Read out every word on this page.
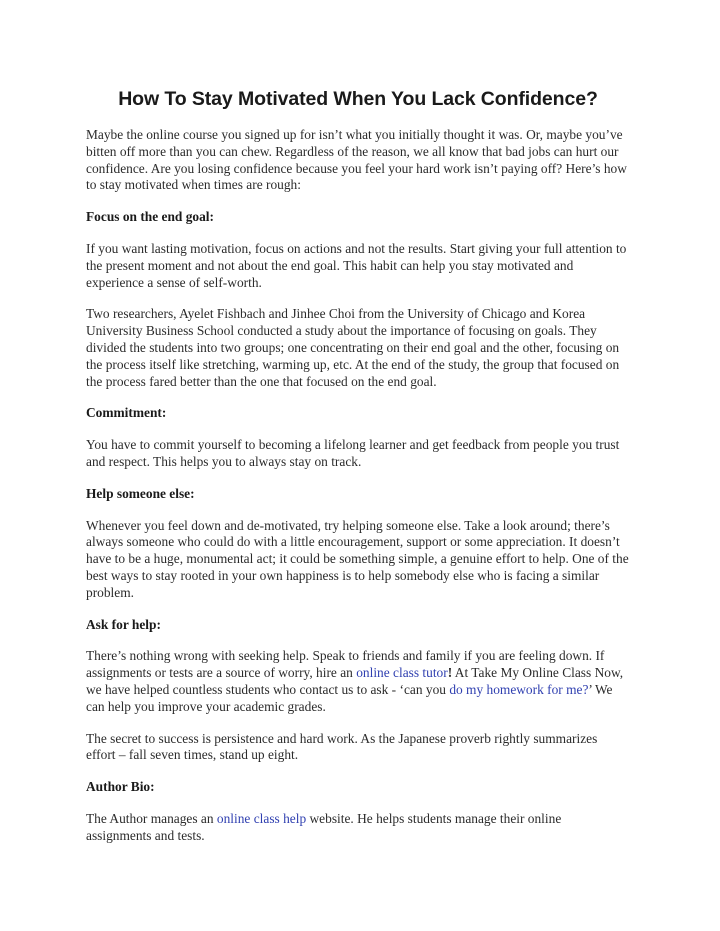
How To Stay Motivated When You Lack Confidence?

Maybe the online course you signed up for isn’t what you initially thought it was. Or, maybe you’ve bitten off more than you can chew. Regardless of the reason, we all know that bad jobs can hurt our confidence. Are you losing confidence because you feel your hard work isn’t paying off? Here’s how to stay motivated when times are rough:

Focus on the end goal:

If you want lasting motivation, focus on actions and not the results. Start giving your full attention to the present moment and not about the end goal. This habit can help you stay motivated and experience a sense of self-worth.

Two researchers, Ayelet Fishbach and Jinhee Choi from the University of Chicago and Korea University Business School conducted a study about the importance of focusing on goals. They divided the students into two groups; one concentrating on their end goal and the other, focusing on the process itself like stretching, warming up, etc. At the end of the study, the group that focused on the process fared better than the one that focused on the end goal.

Commitment:

You have to commit yourself to becoming a lifelong learner and get feedback from people you trust and respect. This helps you to always stay on track.

Help someone else:

Whenever you feel down and de-motivated, try helping someone else. Take a look around; there’s always someone who could do with a little encouragement, support or some appreciation. It doesn’t have to be a huge, monumental act; it could be something simple, a genuine effort to help. One of the best ways to stay rooted in your own happiness is to help somebody else who is facing a similar problem.

Ask for help:

There’s nothing wrong with seeking help. Speak to friends and family if you are feeling down. If assignments or tests are a source of worry, hire an online class tutor! At Take My Online Class Now, we have helped countless students who contact us to ask - ‘can you do my homework for me?’ We can help you improve your academic grades.

The secret to success is persistence and hard work. As the Japanese proverb rightly summarizes effort – fall seven times, stand up eight.

Author Bio:

The Author manages an online class help website. He helps students manage their online assignments and tests.
